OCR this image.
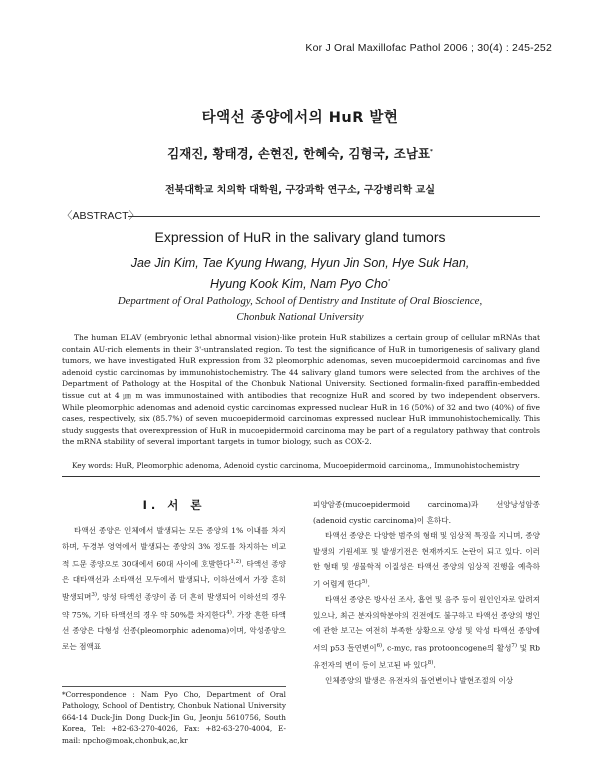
Kor J Oral Maxillofac Pathol 2006 ; 30(4) : 245-252
타액선 종양에서의 HuR 발현
김재진, 황태경, 손현진, 한혜숙, 김형국, 조남표*
전북대학교 치의학 대학원, 구강과학 연구소, 구강병리학 교실
〈ABSTRACT〉
Expression of HuR in the salivary gland tumors
Jae Jin Kim, Tae Kyung Hwang, Hyun Jin Son, Hye Suk Han,
Hyung Kook Kim, Nam Pyo Cho*
Department of Oral Pathology, School of Dentistry and Institute of Oral Bioscience,
Chonbuk National University
The human ELAV (embryonic lethal abnormal vision)-like protein HuR stabilizes a certain group of cellular mRNAs that contain AU-rich elements in their 3'-untranslated region. To test the significance of HuR in tumorigenesis of salivary gland tumors, we have investigated HuR expression from 32 pleomorphic adenomas, seven mucoepidermoid carcinomas and five adenoid cystic carcinomas by immunohistochemistry. The 44 salivary gland tumors were selected from the archives of the Department of Pathology at the Hospital of the Chonbuk National University. Sectioned formalin-fixed paraffin-embedded tissue cut at 4 ㎛ m was immunostained with antibodies that recognize HuR and scored by two independent observers. While pleomorphic adenomas and adenoid cystic carcinomas expressed nuclear HuR in 16 (50%) of 32 and two (40%) of five cases, respectively, six (85.7%) of seven mucoepidermoid carcinomas expressed nuclear HuR immunohistochemically. This study suggests that overexpression of HuR in mucoepidermoid carcinoma may be part of a regulatory pathway that controls the mRNA stability of several important targets in tumor biology, such as COX-2.
Key words: HuR, Pleomorphic adenoma, Adenoid cystic carcinoma, Mucoepidermoid carcinoma,, Immunohistochemistry
I. 서 론
타액선 종양은 인체에서 발생되는 모든 종양의 1% 이내를 차지하며, 두경부 영역에서 발생되는 종양의 3% 정도를 차지하는 비교적 드문 종양으로 30대에서 60대 사이에 호발한다$^{1,2)}$. 타액선 종양은 대타액선과 소타액선 모두에서 발생되나, 이하선에서 가장 흔히 발생되며$^{3)}$, 양성 타액선 종양이 좀 더 흔히 발생되어 이하선의 경우 약 75%, 기타 타액선의 경우 약 50%를 차지한다$^{4)}$. 가장 흔한 타액선 종양은 다형성 선종(pleomorphic adenoma)이며, 악성종양으로는 점액표

피양암종(mucoepidermoid carcinoma)과 선양낭성암종(adenoid cystic carcinoma)이 흔하다.

타액선 종양은 다양한 범주의 형태 및 임상적 특징을 지니며, 종양발생의 기원세포 및 발생기전은 현재까지도 논란이 되고 있다. 이러한 형태 및 생물학적 이질성은 타액선 종양의 임상적 진행을 예측하기 어렵게 한다$^{5)}$.

타액선 종양은 방사선 조사, 흡연 및 음주 등이 원인인자로 알려져 있으나, 최근 분자의학분야의 진전에도 불구하고 타액선 종양의 병인에 관한 보고는 여전히 부족한 상황으로 양성 및 악성 타액선 종양에서의 p53 돌연변이$^{6)}$, c-myc, ras protooncogene의 활성$^{7)}$ 및 Rb 유전자의 변이 등이 보고된 바 있다$^{8)}$.

인체종양의 발생은 유전자의 돌연변이나 발현조절의 이상

*Correspondence : Nam Pyo Cho, Department of Oral Pathology, School of Dentistry, Chonbuk National University 664-14 Duck-Jin Dong Duck-Jin Gu, Jeonju 5610756, South Korea, Tel: +82-63-270-4026, Fax: +82-63-270-4004, E-mail: npcho@moak,chonbuk,ac,kr
